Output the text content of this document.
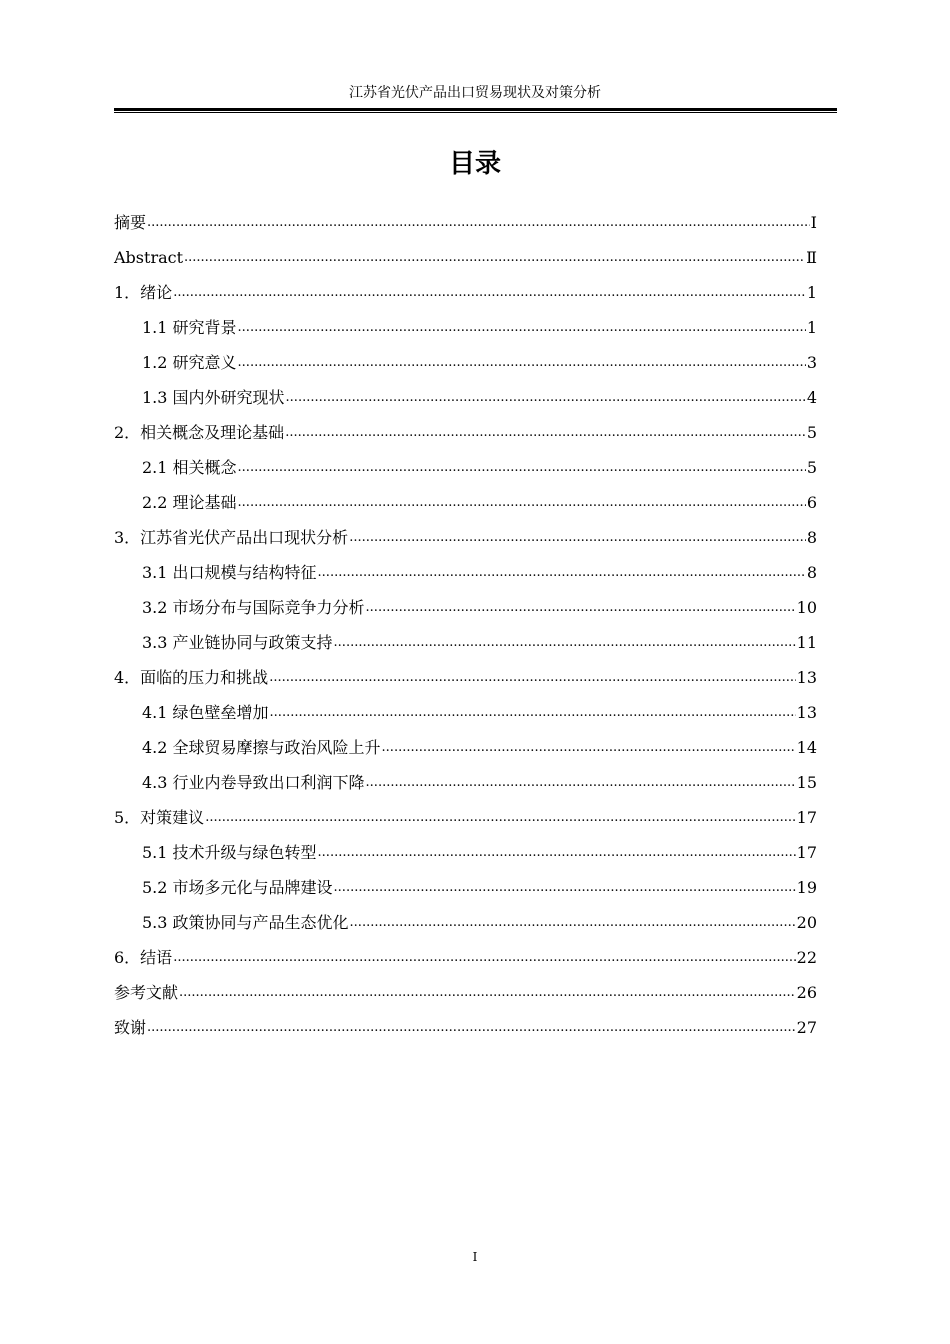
江苏省光伏产品出口贸易现状及对策分析
目录
摘要 .....	Ⅰ
Abstract .....	Ⅱ
1．绪论 .....	1
1.1 研究背景 .....	1
1.2 研究意义 .....	3
1.3 国内外研究现状 .....	4
2．相关概念及理论基础 .....	5
2.1 相关概念 .....	5
2.2 理论基础 .....	6
3．江苏省光伏产品出口现状分析 .....	8
3.1 出口规模与结构特征 .....	8
3.2 市场分布与国际竞争力分析 .....	10
3.3 产业链协同与政策支持 .....	11
4．面临的压力和挑战 .....	13
4.1 绿色壁垒增加 .....	13
4.2 全球贸易摩擦与政治风险上升 .....	14
4.3 行业内卷导致出口利润下降 .....	15
5．对策建议 .....	17
5.1 技术升级与绿色转型 .....	17
5.2 市场多元化与品牌建设 .....	19
5.3 政策协同与产品生态优化 .....	20
6．结语 .....	22
参考文献 .....	26
致谢 .....	27
I
